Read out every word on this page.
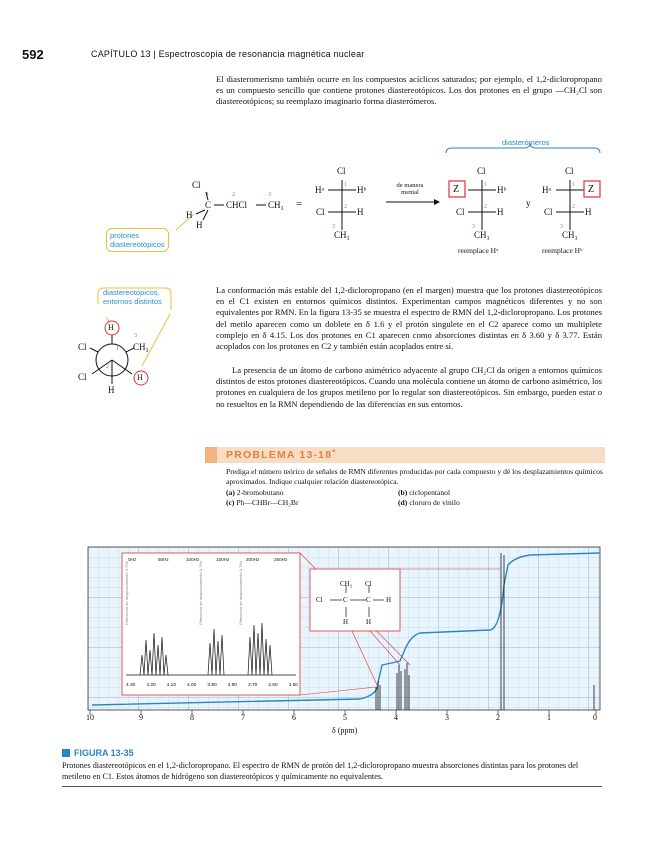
592	CAPÍTULO 13 | Espectroscopia de resonancia magnética nuclear
El diasteromerismo también ocurre en los compuestos acíclicos saturados; por ejemplo, el 1,2-dicloropropano es un compuesto sencillo que contiene protones diastereotópicos. Los dos protones en el grupo —CH₂Cl son diastereotópicos; su reemplazo imaginario forma diasterómeros.
diasterómeros
Cl
C CHCl CH₃
H
H
1	2	3
=
protones
diastereotópicos
Cl
Hᵃ	Hᵇ
Cl	H
CH₃
1
2
3
de manera
mental
Cl
Z	Hᵇ
Cl	H
CH₃
1
2
3
reemplace Hᵃ
y
Cl
Hᵃ	Z
Cl	H
CH₃
1
2
3
reemplace Hᵇ
diastereotópicos,
entornos distintos
H
Cl	CH₃
Cl	H
H
1
2
3
La conformación más estable del 1,2-dicloropropano (en el margen) muestra que los protones diastereotópicos en el C1 existen en entornos químicos distintos. Experimentan campos magnéticos diferentes y no son equivalentes por RMN. En la figura 13-35 se muestra el espectro de RMN del 1,2-dicloropropano. Los protones del metilo aparecen como un doblete en δ 1.6 y el protón singulete en el C2 aparece como un multiplete complejo en δ 4.15. Los dos protones en C1 aparecen como absorciones distintas en δ 3.60 y δ 3.77. Están acoplados con los protones en C2 y también están acoplados entre sí.
La presencia de un átomo de carbono asimétrico adyacente al grupo CH₂Cl da origen a entornos químicos distintos de estos protones diastereotópicos. Cuando una molécula contiene un átomo de carbono asimétrico, los protones en cualquiera de los grupos metileno por lo regular son diastereotópicos. Sin embargo, pueden estar o no resueltos en la RMN dependiendo de las diferencias en sus entornos.
PROBLEMA 13-18*
Prediga el número teórico de señales de RMN diferentes producidas por cada compuesto y dé los desplazamientos químicos aproximados. Indique cualquier relación diastereotópica.
(a) 2-bromobutano	(b) ciclopentanol
(c) Ph—CHBr—CH₂Br	(d) cloruro de vinilo
CH₃ Cl
Cl	C	C H
H	H
0Hz	50Hz	100Hz	150Hz	200Hz	250Hz
Diferencia de desplazamiento 0.7Hz	Diferencia de desplazamiento 0.7Hz	Diferencia de desplazamiento 0.7Hz
4.30 4.20 4.10 4.00 3.90 3.80 3.70 3.60 3.50
10	9	8	7	6	5	4	3	2	1	0
δ (ppm)
FIGURA 13-35
Protones diastereotópicos en el 1,2-dicloropropano. El espectro de RMN de protón del 1,2-dicloropropano muestra absorciones distintas para los protones del metileno en C1. Estos átomos de hidrógeno son diastereotópicos y químicamente no equivalentes.
